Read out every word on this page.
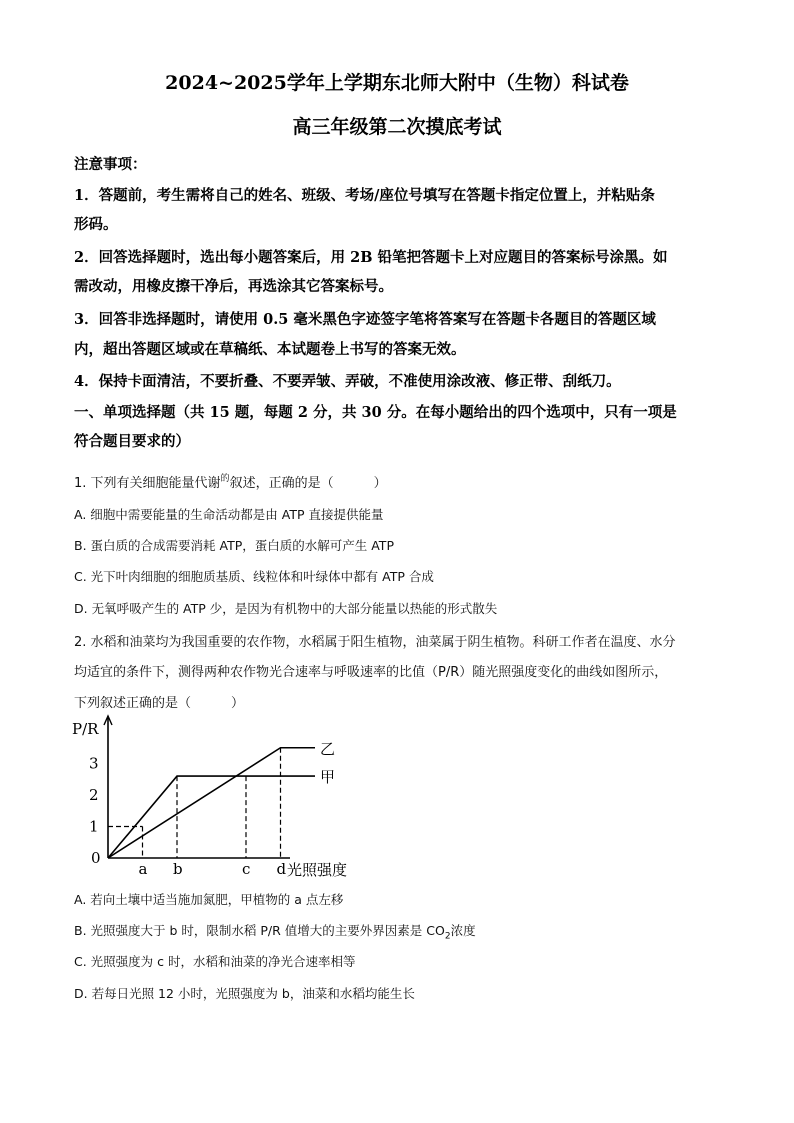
2024~2025学年上学期东北师大附中（生物）科试卷
高三年级第二次摸底考试
注意事项：
1．答题前，考生需将自己的姓名、班级、考场/座位号填写在答题卡指定位置上，并粘贴条
形码。
2．回答选择题时，选出每小题答案后，用 2B 铅笔把答题卡上对应题目的答案标号涂黑。如
需改动，用橡皮擦干净后，再选涂其它答案标号。
3．回答非选择题时，请使用 0.5 毫米黑色字迹签字笔将答案写在答题卡各题目的答题区域
内，超出答题区域或在草稿纸、本试题卷上书写的答案无效。
4．保持卡面清洁，不要折叠、不要弄皱、弄破，不准使用涂改液、修正带、刮纸刀。
一、单项选择题（共 15 题，每题 2 分，共 30 分。在每小题给出的四个选项中，只有一项是
符合题目要求的）
1. 下列有关细胞能量代谢$^的$叙述，正确的是（	）
A. 细胞中需要能量的生命活动都是由 ATP 直接提供能量
B. 蛋白质的合成需要消耗 ATP，蛋白质的水解可产生 ATP
C. 光下叶肉细胞的细胞质基质、线粒体和叶绿体中都有 ATP 合成
D. 无氧呼吸产生的 ATP 少，是因为有机物中的大部分能量以热能的形式散失
2. 水稻和油菜均为我国重要的农作物，水稻属于阳生植物，油菜属于阴生植物。科研工作者在温度、水分
均适宜的条件下，测得两种农作物光合速率与呼吸速率的比值（P/R）随光照强度变化的曲线如图所示，
下列叙述正确的是（	）
P/R
光照强度
0
1
2
3
a b	c d
甲
乙
A. 若向土壤中适当施加氮肥，甲植物的 a 点左移
B. 光照强度大于 b 时，限制水稻 P/R 值增大的主要外界因素是 $CO_2$浓度
C. 光照强度为 c 时，水稻和油菜的净光合速率相等
D. 若每日光照 12 小时，光照强度为 b，油菜和水稻均能生长
